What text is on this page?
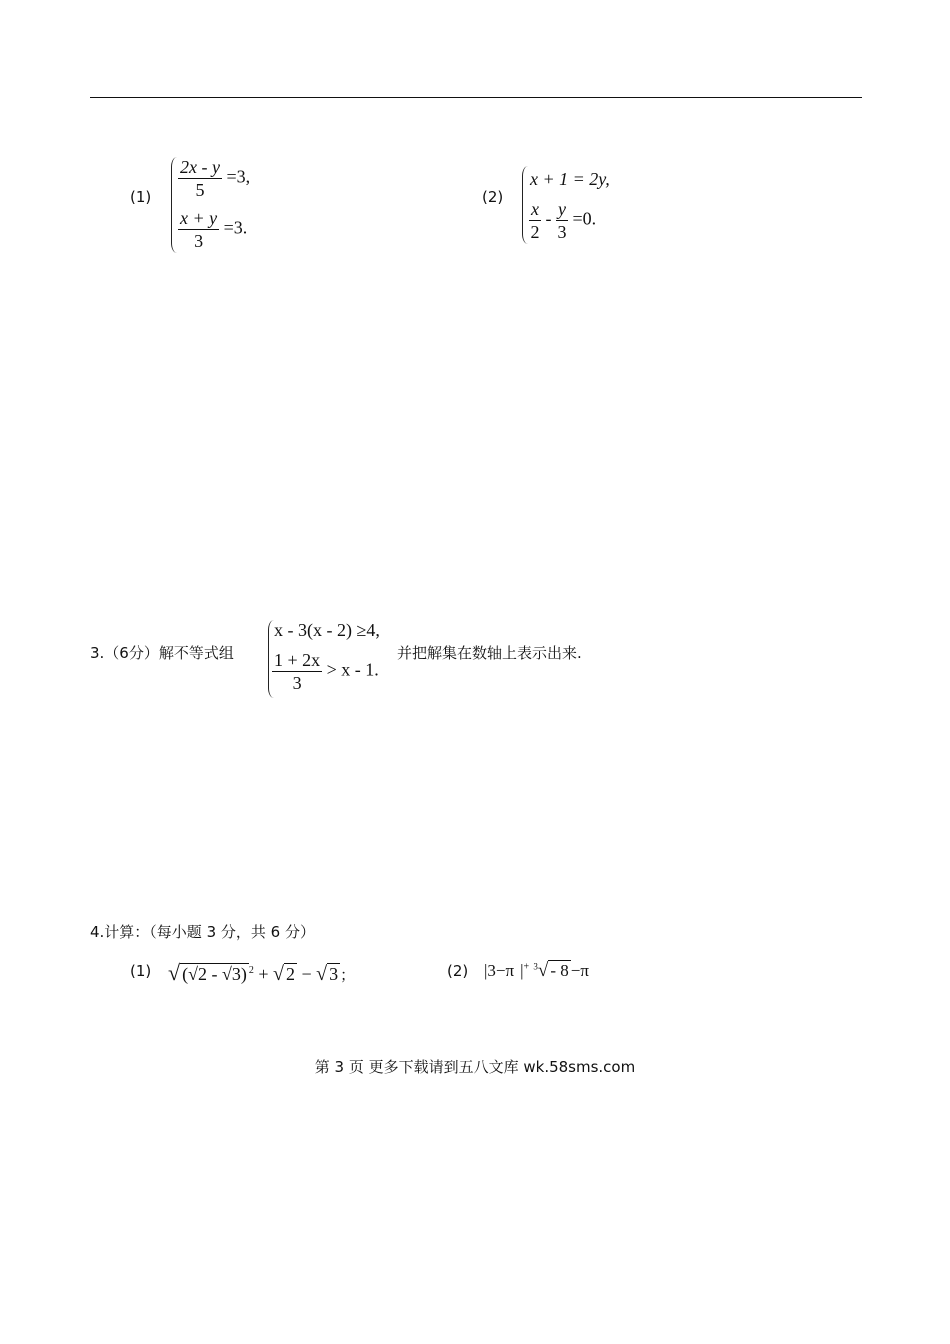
$(1) \frac{2x - y}{5} =3$,
$\frac{x + y}{3} =3$.
(2)
x + 1 = 2y,
$\frac{x}{2} - \frac{y}{3} =0$.
3.（6分）解不等式组
x - 3(x - 2) ≥4,
$\frac{1 + 2x}{3} > x - 1$.
并把解集在数轴上表示出来.
4.计算：（每小题 3 分，共 6 分）
(1) √ (√2 - √3) $^2$ + √ 2 − √ 3 ；	(2) |3−π |+ $^3$√ - 8 −π
第 3 页 更多下载请到五八文库 wk.58sms.com
